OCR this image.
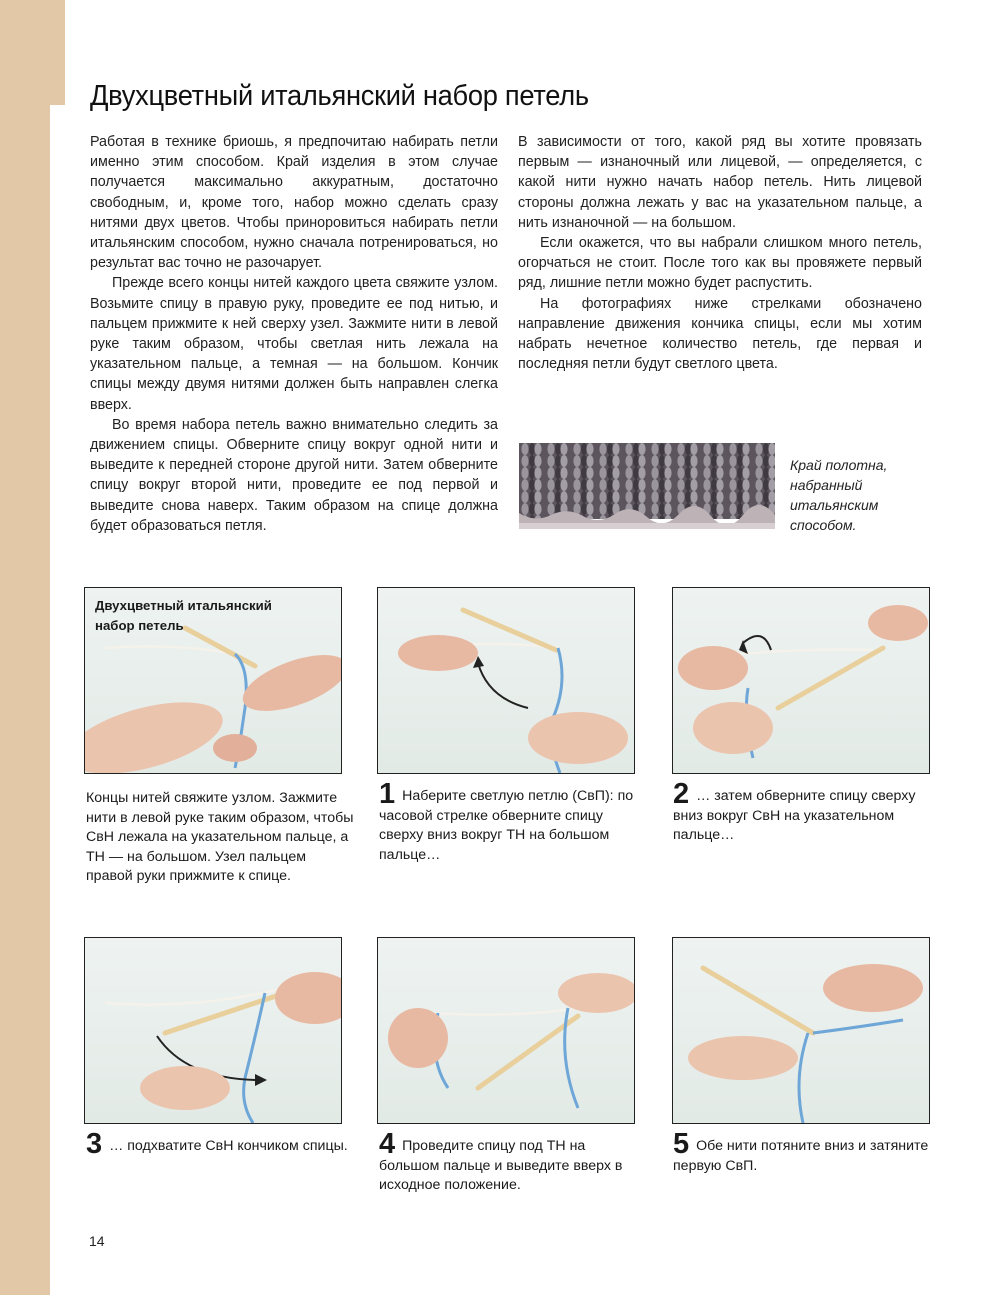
Двухцветный итальянский набор петель

Работая в технике бриошь, я предпочитаю набирать петли именно этим способом. Край изделия в этом случае получается максимально аккуратным, достаточно свободным, и, кроме того, набор можно сделать сразу нитями двух цветов. Чтобы приноровиться набирать петли итальянским способом, нужно сначала потренироваться, но результат вас точно не разочарует.

Прежде всего концы нитей каждого цвета свяжите узлом. Возьмите спицу в правую руку, проведите ее под нитью, и пальцем прижмите к ней сверху узел. Зажмите нити в левой руке таким образом, чтобы светлая нить лежала на указательном пальце, а темная — на большом. Кончик спицы между двумя нитями должен быть направлен слегка вверх.

Во время набора петель важно внимательно следить за движением спицы. Обверните спицу вокруг одной нити и выведите к передней стороне другой нити. Затем обверните спицу вокруг второй нити, проведите ее под первой и выведите снова наверх. Таким образом на спице должна будет образоваться петля.

В зависимости от того, какой ряд вы хотите провязать первым — изнаночный или лицевой, — определяется, с какой нити нужно начать набор петель. Нить лицевой стороны должна лежать у вас на указательном пальце, а нить изнаночной — на большом.

Если окажется, что вы набрали слишком много петель, огорчаться не стоит. После того как вы провяжете первый ряд, лишние петли можно будет распустить.

На фотографиях ниже стрелками обозначено направление движения кончика спицы, если мы хотим набрать нечетное количество петель, где первая и последняя петли будут светлого цвета.

Край полотна, набранный итальянским способом.

Двухцветный итальянский набор петель

Концы нитей свяжите узлом. Зажмите нити в левой руке таким образом, чтобы СвН лежала на указательном пальце, а ТН — на большом. Узел пальцем правой руки прижмите к спице.

1 Наберите светлую петлю (СвП): по часовой стрелке обверните спицу сверху вниз вокруг ТН на большом пальце…

2 … затем обверните спицу сверху вниз вокруг СвН на указательном пальце…

3 … подхватите СвН кончиком спицы. 4 Проведите спицу под ТН на большом пальце и выведите вверх в исходное положение.

5 Обе нити потяните вниз и затяните первую СвП.

14
